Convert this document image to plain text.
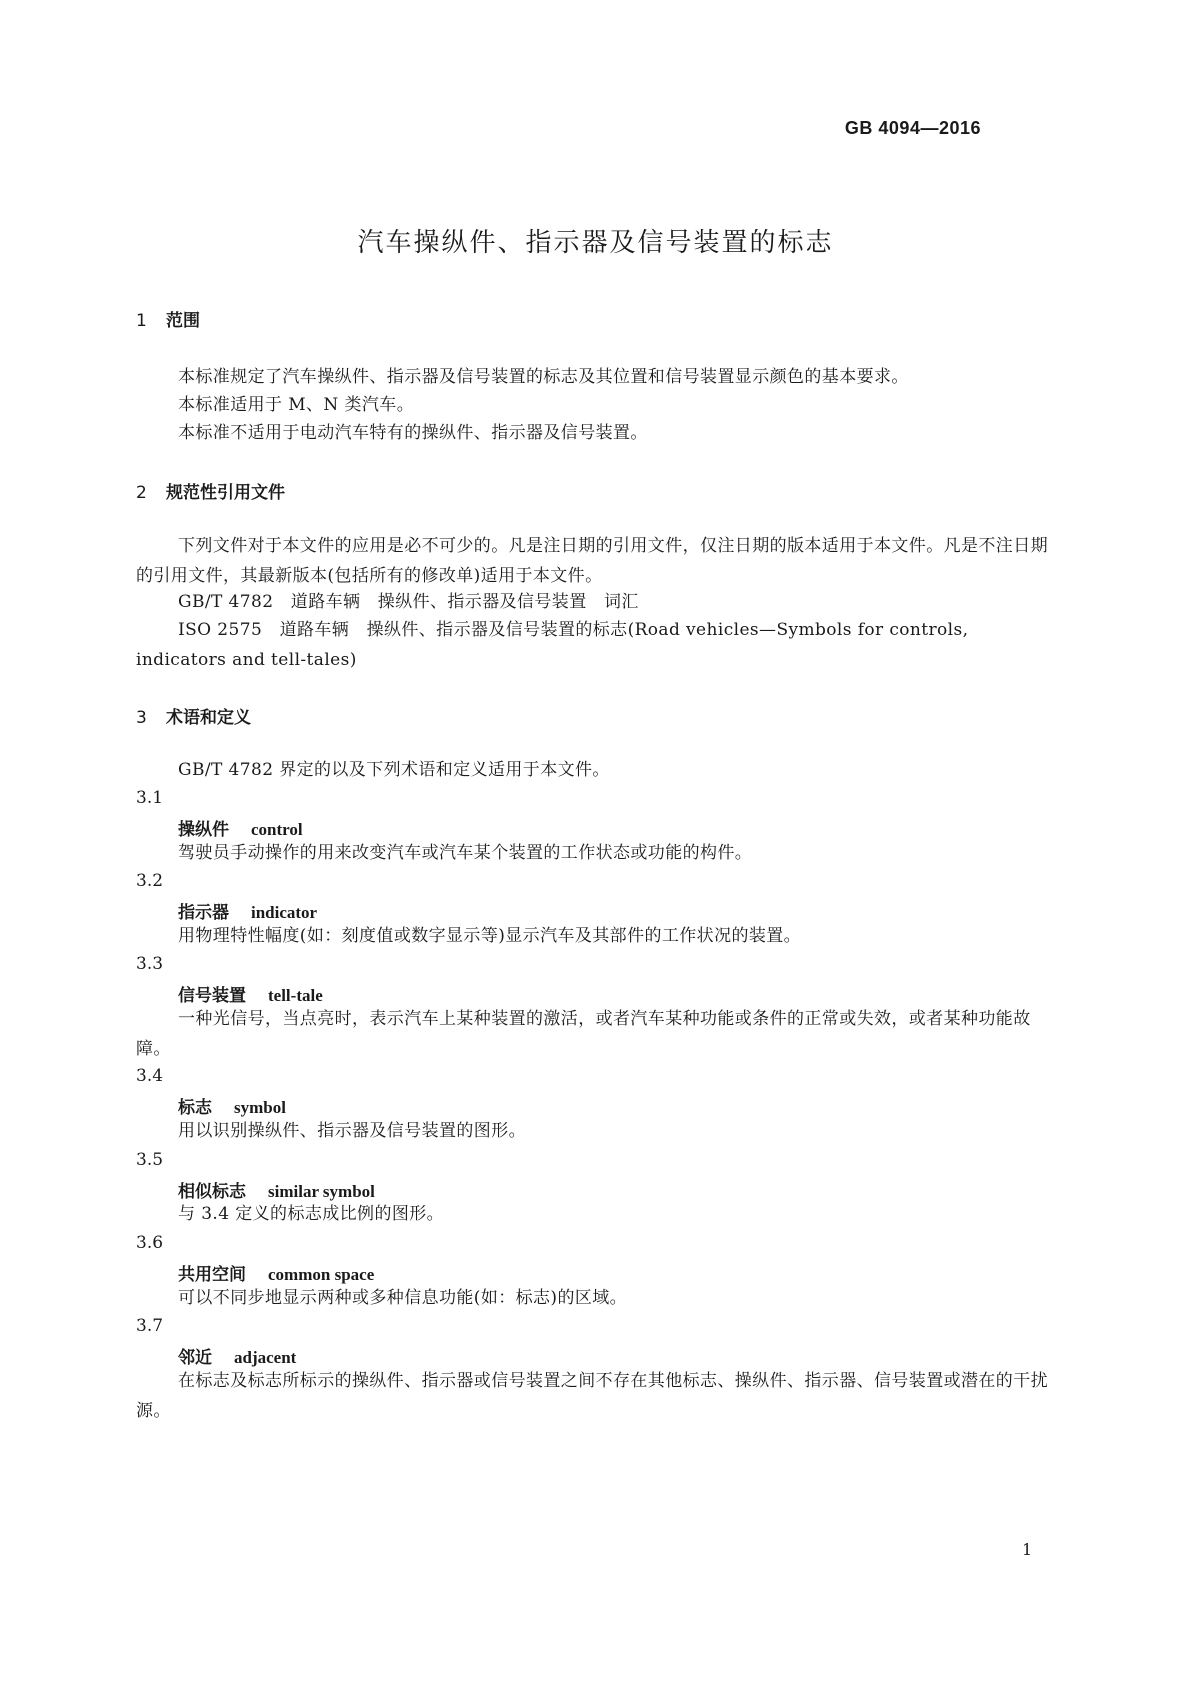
GB 4094—2016
汽车操纵件、指示器及信号装置的标志
1 范围
本标准规定了汽车操纵件、指示器及信号装置的标志及其位置和信号装置显示颜色的基本要求。
本标准适用于 M、N 类汽车。
本标准不适用于电动汽车特有的操纵件、指示器及信号装置。
2 规范性引用文件
下列文件对于本文件的应用是必不可少的。凡是注日期的引用文件，仅注日期的版本适用于本文件。凡是不注日期的引用文件，其最新版本(包括所有的修改单)适用于本文件。
GB/T 4782　道路车辆　操纵件、指示器及信号装置　词汇
ISO 2575　道路车辆　操纵件、指示器及信号装置的标志(Road vehicles—Symbols for controls, indicators and tell-tales)
3 术语和定义
GB/T 4782 界定的以及下列术语和定义适用于本文件。
3.1
操纵件 control
驾驶员手动操作的用来改变汽车或汽车某个装置的工作状态或功能的构件。
3.2
指示器 indicator
用物理特性幅度(如：刻度值或数字显示等)显示汽车及其部件的工作状况的装置。
3.3
信号装置 tell-tale
一种光信号，当点亮时，表示汽车上某种装置的激活，或者汽车某种功能或条件的正常或失效，或者某种功能故障。
3.4
标志 symbol
用以识别操纵件、指示器及信号装置的图形。
3.5
相似标志 similar symbol
与 3.4 定义的标志成比例的图形。
3.6
共用空间 common space
可以不同步地显示两种或多种信息功能(如：标志)的区域。
3.7
邻近 adjacent
在标志及标志所标示的操纵件、指示器或信号装置之间不存在其他标志、操纵件、指示器、信号装置或潜在的干扰源。
1
